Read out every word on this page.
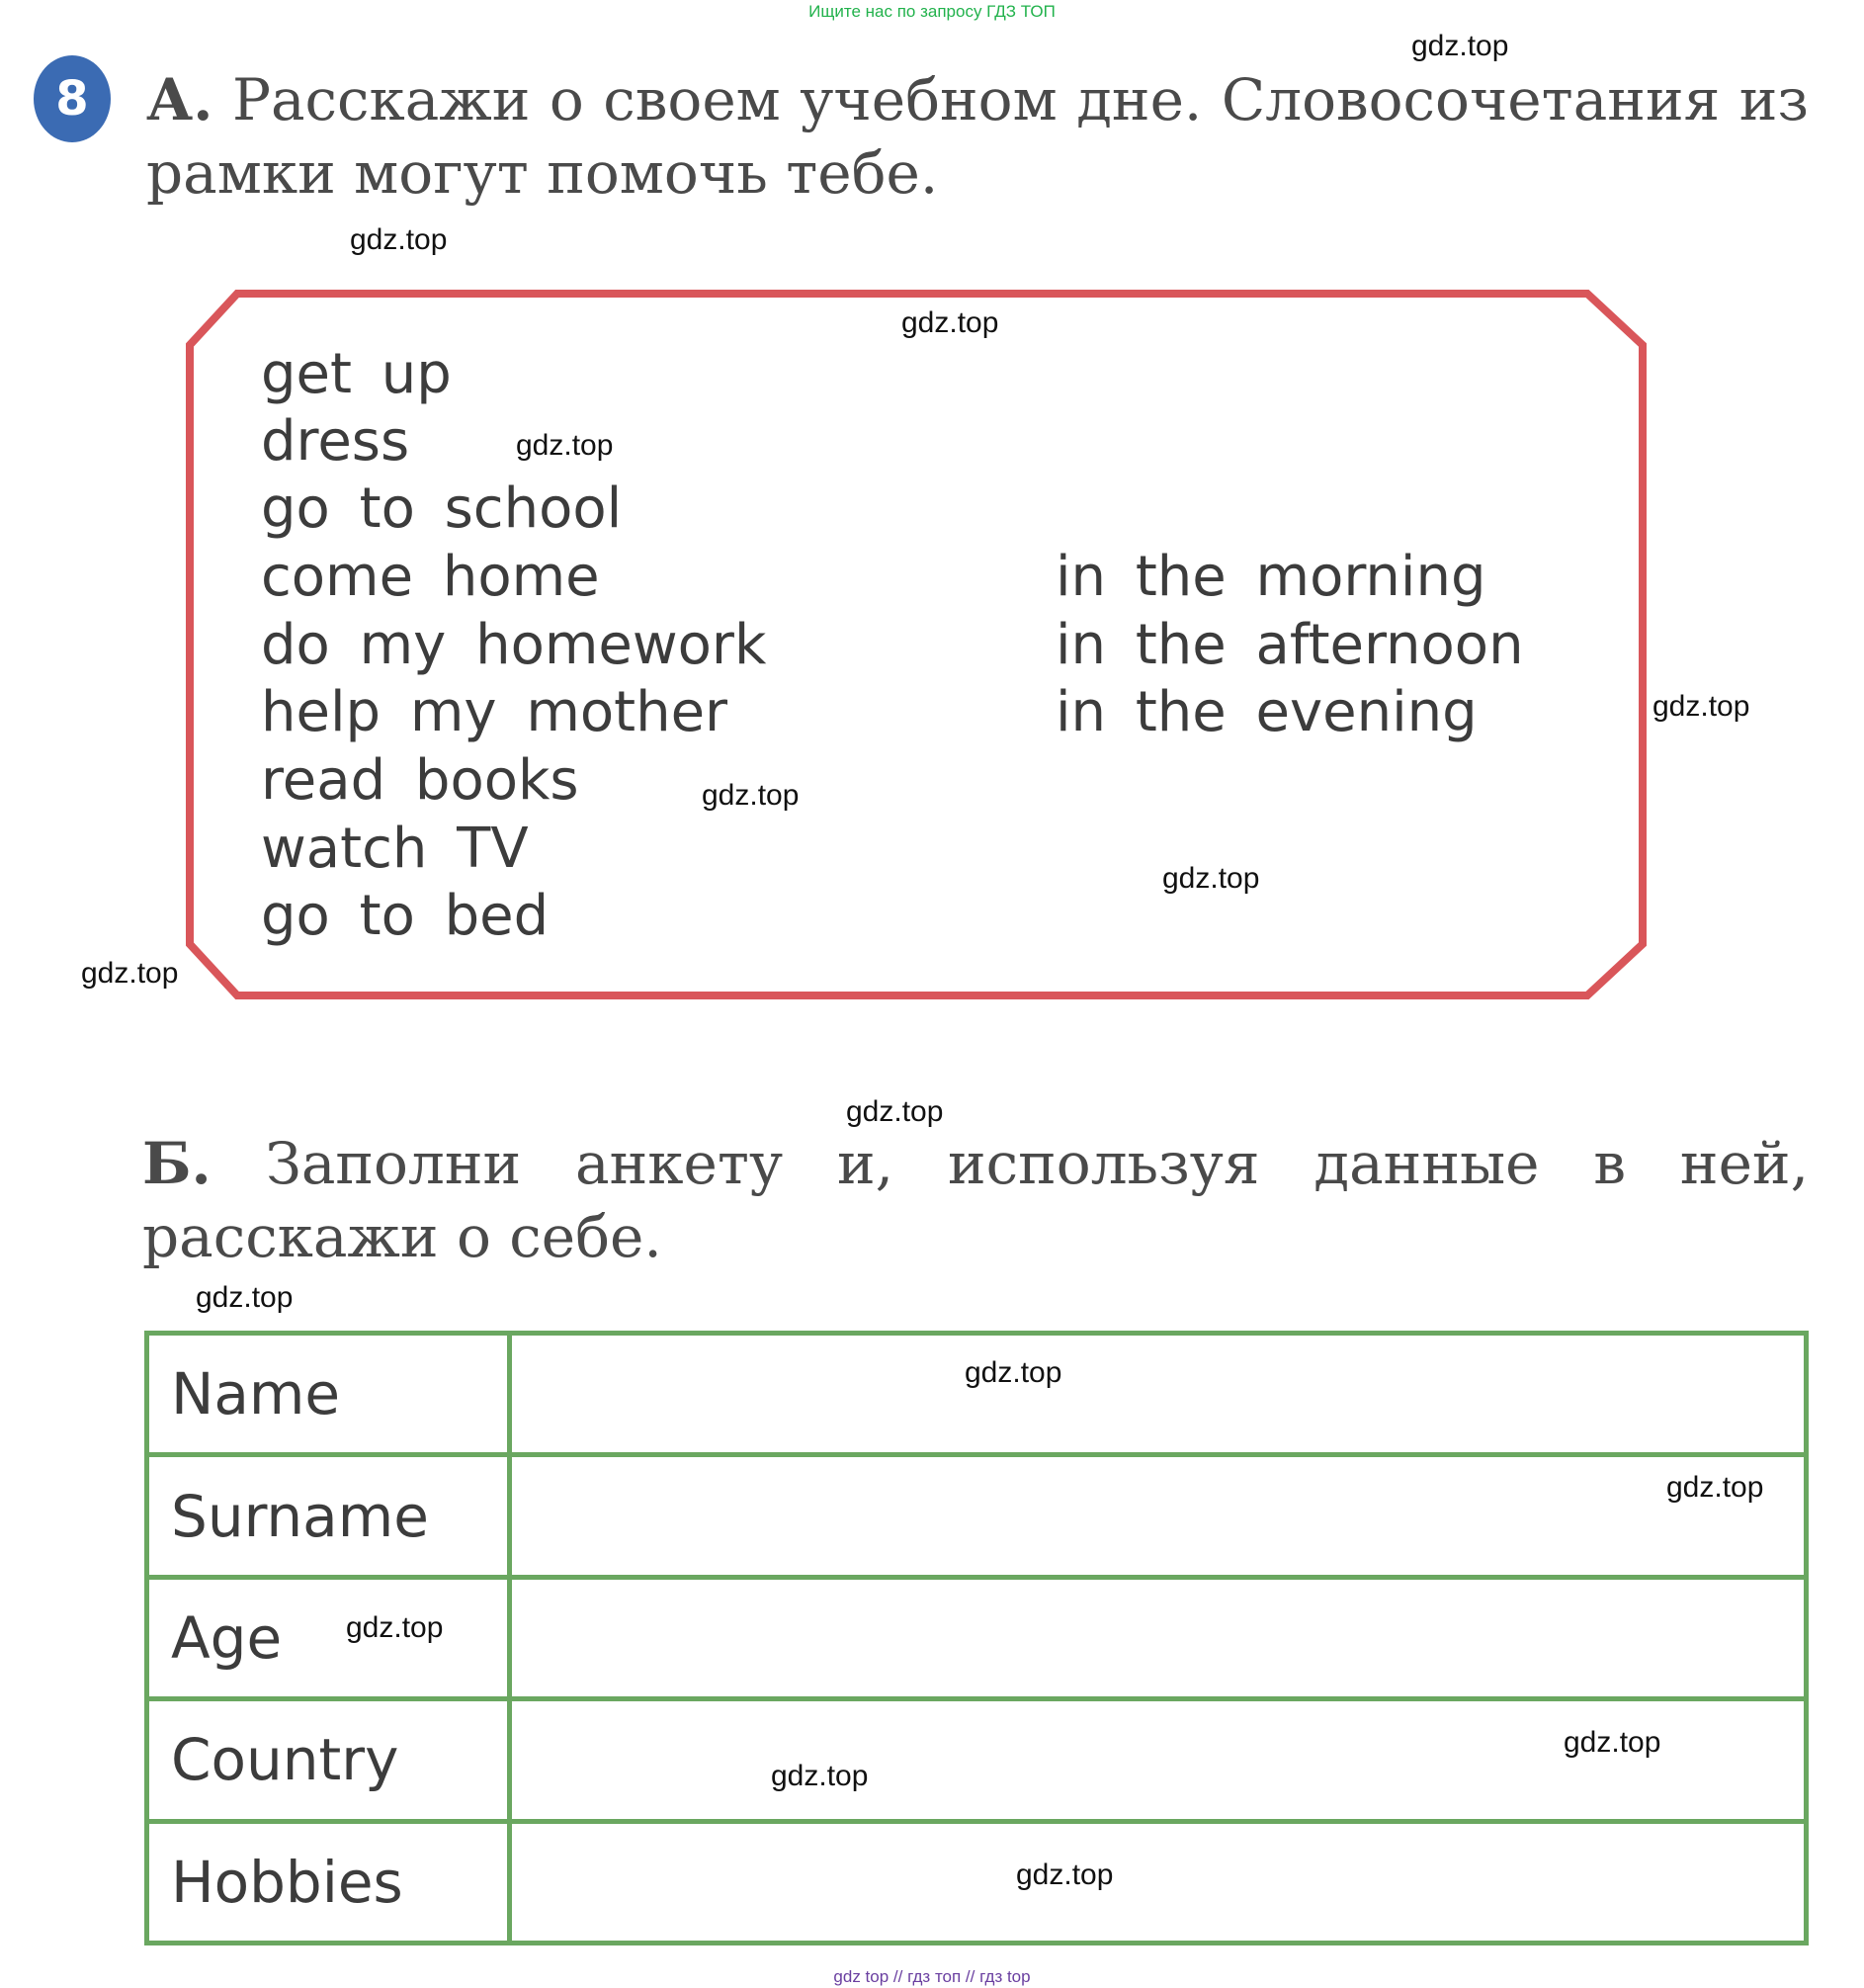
Ищите нас по запросу ГДЗ ТОП
8	А. Расскажи о своем учебном дне. Словосочетания из рамки могут помочь тебе.
get up
dress
go to school
come home
do my homework
help my mother
read books
watch TV
go to bed
in the morning
in the afternoon
in the evening
Б. Заполни анкету и, используя данные в ней, расскажи о себе.
Name	
Surname	
Age	
Country	
Hobbies	
gdz.top
gdz.top
gdz.top
gdz.top
gdz.top
gdz.top
gdz.top
gdz.top
gdz.top
gdz.top
gdz.top
gdz.top
gdz.top
gdz.top
gdz.top
gdz.top
gdz top // гдз топ // гдз top
